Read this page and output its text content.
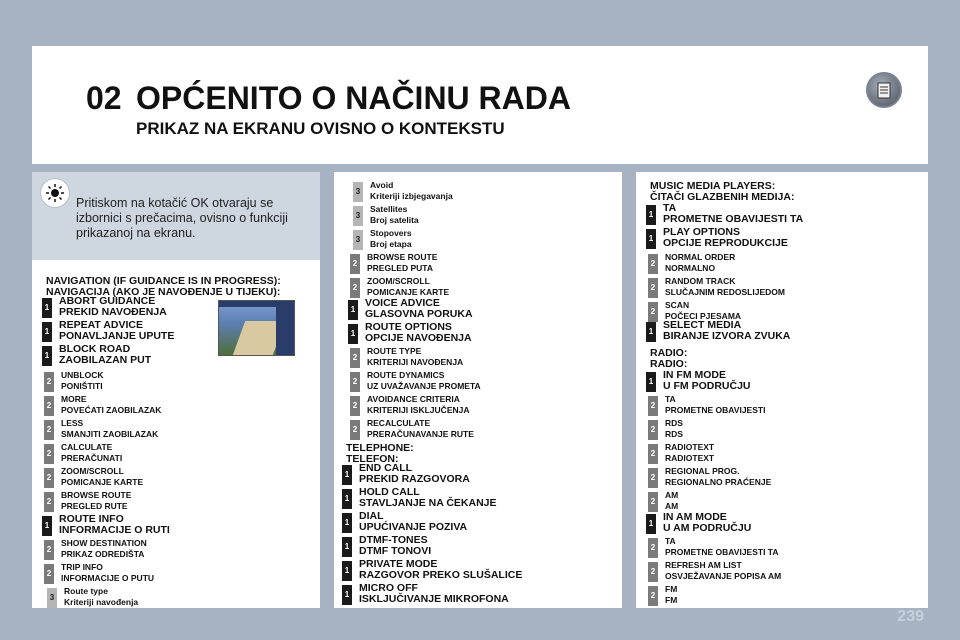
02 OPĆENITO O NAČINU RADA
PRIKAZ NA EKRANU OVISNO O KONTEKSTU
Pritiskom na kotačić OK otvaraju se
izbornici s prečacima, ovisno o funkciji
prikazanoj na ekranu.
NAVIGATION (IF GUIDANCE IS IN PROGRESS):
NAVIGACIJA (AKO JE NAVOĐENJE U TIJEKU):
TELEPHONE:
TELEFON:
MUSIC MEDIA PLAYERS:
ČITAČI GLAZBENIH MEDIJA:
RADIO:
RADIO:
1
ABORT GUIDANCE
PREKID NAVOĐENJA
1
REPEAT ADVICE
PONAVLJANJE UPUTE
1
BLOCK ROAD
ZAOBILAZAN PUT
2
UNBLOCK
PONIŠTITI
2
MORE
POVEĆATI ZAOBILAZAK
2
LESS
SMANJITI ZAOBILAZAK
2
CALCULATE
PRERAČUNATI
2
ZOOM/SCROLL
POMICANJE KARTE
2
BROWSE ROUTE
PREGLED RUTE
1
ROUTE INFO
INFORMACIJE O RUTI
2
SHOW DESTINATION
PRIKAZ ODREDIŠTA
2
TRIP INFO
INFORMACIJE O PUTU
3
Route type
Kriteriji navođenja
3
Avoid
Kriteriji izbjegavanja
3
Satellites
Broj satelita
3
Stopovers
Broj etapa
2
BROWSE ROUTE
PREGLED PUTA
2
ZOOM/SCROLL
POMICANJE KARTE
1
VOICE ADVICE
GLASOVNA PORUKA
1
ROUTE OPTIONS
OPCIJE NAVOĐENJA
2
ROUTE TYPE
KRITERIJI NAVOĐENJA
2
ROUTE DYNAMICS
UZ UVAŽAVANJE PROMETA
2
AVOIDANCE CRITERIA
KRITERIJI ISKLJUČENJA
2
RECALCULATE
PRERAČUNAVANJE RUTE
1
END CALL
PREKID RAZGOVORA
1
HOLD CALL
STAVLJANJE NA ČEKANJE
1
DIAL
UPUĆIVANJE POZIVA
1
DTMF-TONES
DTMF TONOVI
1
PRIVATE MODE
RAZGOVOR PREKO SLUŠALICE
1
MICRO OFF
ISKLJUČIVANJE MIKROFONA
1
TA
PROMETNE OBAVIJESTI TA
1
PLAY OPTIONS
OPCIJE REPRODUKCIJE
2
NORMAL ORDER
NORMALNO
2
RANDOM TRACK
SLUČAJNIM REDOSLIJEDOM
2
SCAN
POČECI PJESAMA
1
SELECT MEDIA
BIRANJE IZVORA ZVUKA
1
IN FM MODE
U FM PODRUČJU
2
TA
PROMETNE OBAVIJESTI
2
RDS
RDS
2
RADIOTEXT
RADIOTEXT
2
REGIONAL PROG.
REGIONALNO PRAĆENJE
2
AM
AM
1
IN AM MODE
U AM PODRUČJU
2
TA
PROMETNE OBAVIJESTI TA
2
REFRESH AM LIST
OSVJEŽAVANJE POPISA AM
2
FM
FM
239
